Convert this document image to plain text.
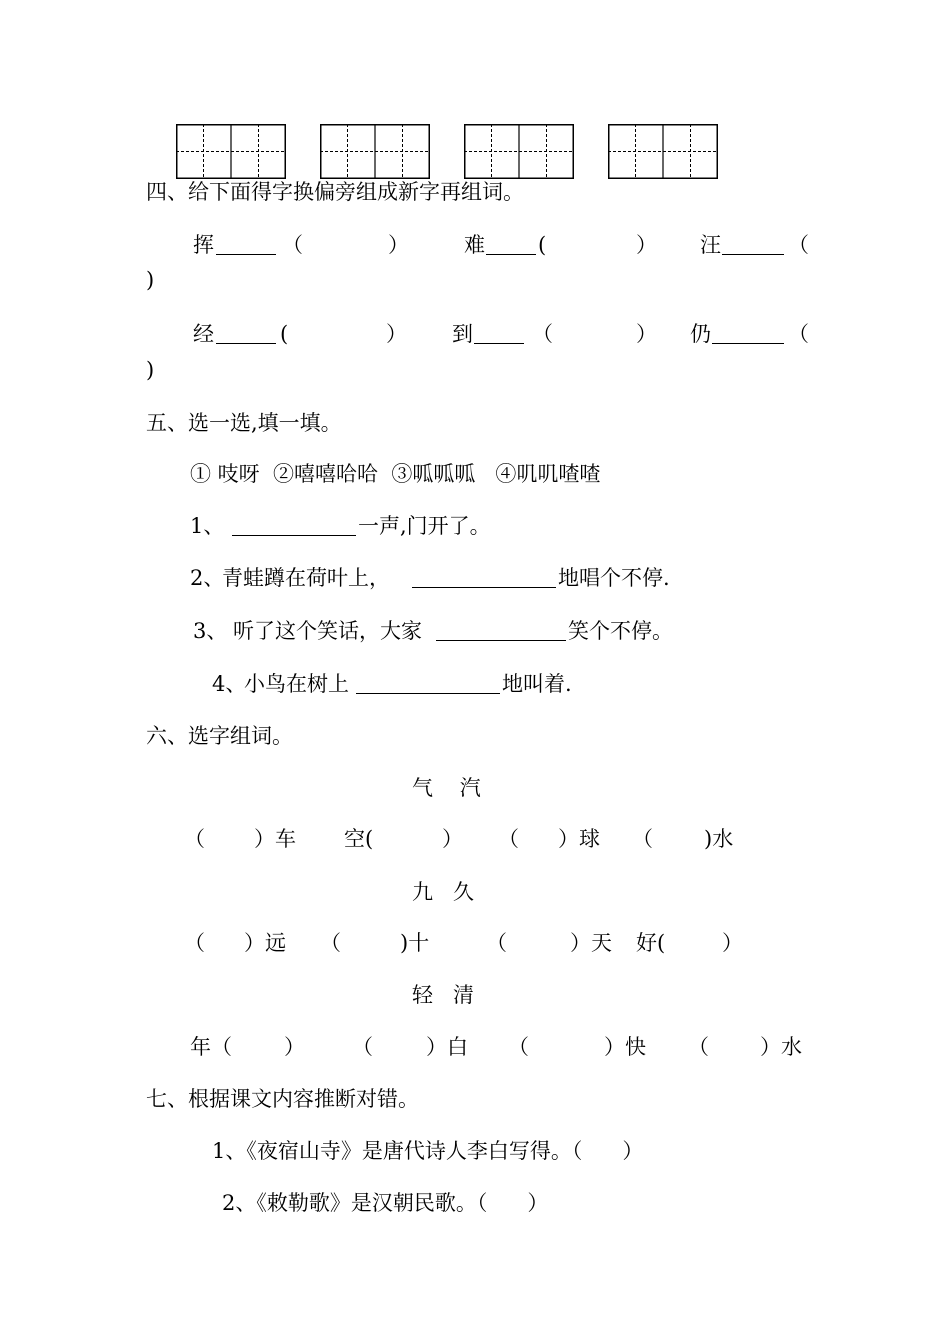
四、给下面得字换偏旁组成新字再组词。
挥	（	）	难	(	） 汪	（
)
经	(	） 到	（	） 仍	（
)
五、选一选,填一填。
① 吱呀  ②嘻嘻哈哈  ③呱呱呱   ④叽叽喳喳
1、	一声,门开了。
2、
青蛙蹲在荷叶上，	地唱个不停.
3、 听了这个笑话，大家	笑个不停。
4、
小鸟在树上	地叫着.
六、选字组词。
气    汽
（ ）车 空(	） （ ）球 （ )水
九   久
（ ）远 （	)十	（	）天 好(	）
轻   清
年（ ） （	）白 （	）快 （ ）水
七、根据课文内容推断对错。
1、《夜宿山寺》是唐代诗人李白写得。（      ）
2、《敕勒歌》是汉朝民歌。（      ）
